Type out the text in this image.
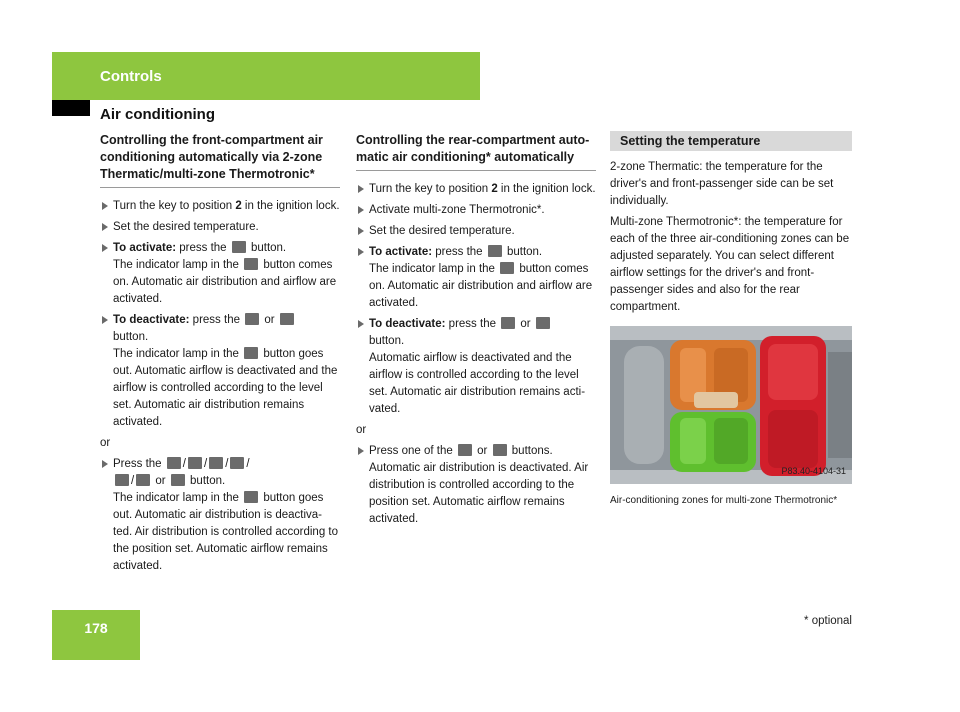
Controls
Air conditioning
Controlling the front-compartment air conditioning automatically via 2-zone Thermatic/multi-zone Thermotronic*
Turn the key to position 2 in the ignition lock.
Set the desired temperature.
To activate: press the  button.
The indicator lamp in the  button comes on. Automatic air distribution and airflow are activated.
To deactivate: press the  or
button.
The indicator lamp in the  button goes out. Automatic airflow is deactivated and the airflow is controlled according to the level set. Automatic air distribution remains activated.
or
Press the / / / /
/ or  button.
The indicator lamp in the  button goes out. Automatic air distribution is deactiva-ted. Air distribution is controlled according to the position set. Automatic airflow remains activated.
Controlling the rear-compartment auto-matic air conditioning* automatically
Turn the key to position 2 in the ignition lock.
Activate multi-zone Thermotronic*.
Set the desired temperature.
To activate: press the  button.
The indicator lamp in the  button comes on. Automatic air distribution and airflow are activated.
To deactivate: press the  or
button.
Automatic airflow is deactivated and the airflow is controlled according to the level set. Automatic air distribution remains acti-vated.
or
Press one of the  or  buttons.
Automatic air distribution is deactivated. Air distribution is controlled according to the position set. Automatic airflow remains activated.
Setting the temperature

2-zone Thermatic: the temperature for the driver's and front-passenger side can be set individually.

Multi-zone Thermotronic*: the temperature for each of the three air-conditioning zones can be adjusted separately. You can select different airflow settings for the driver's and front-passenger sides and also for the rear compartment.

P83.40-4104-31
Air-conditioning zones for multi-zone Thermotronic*
178	* optional
